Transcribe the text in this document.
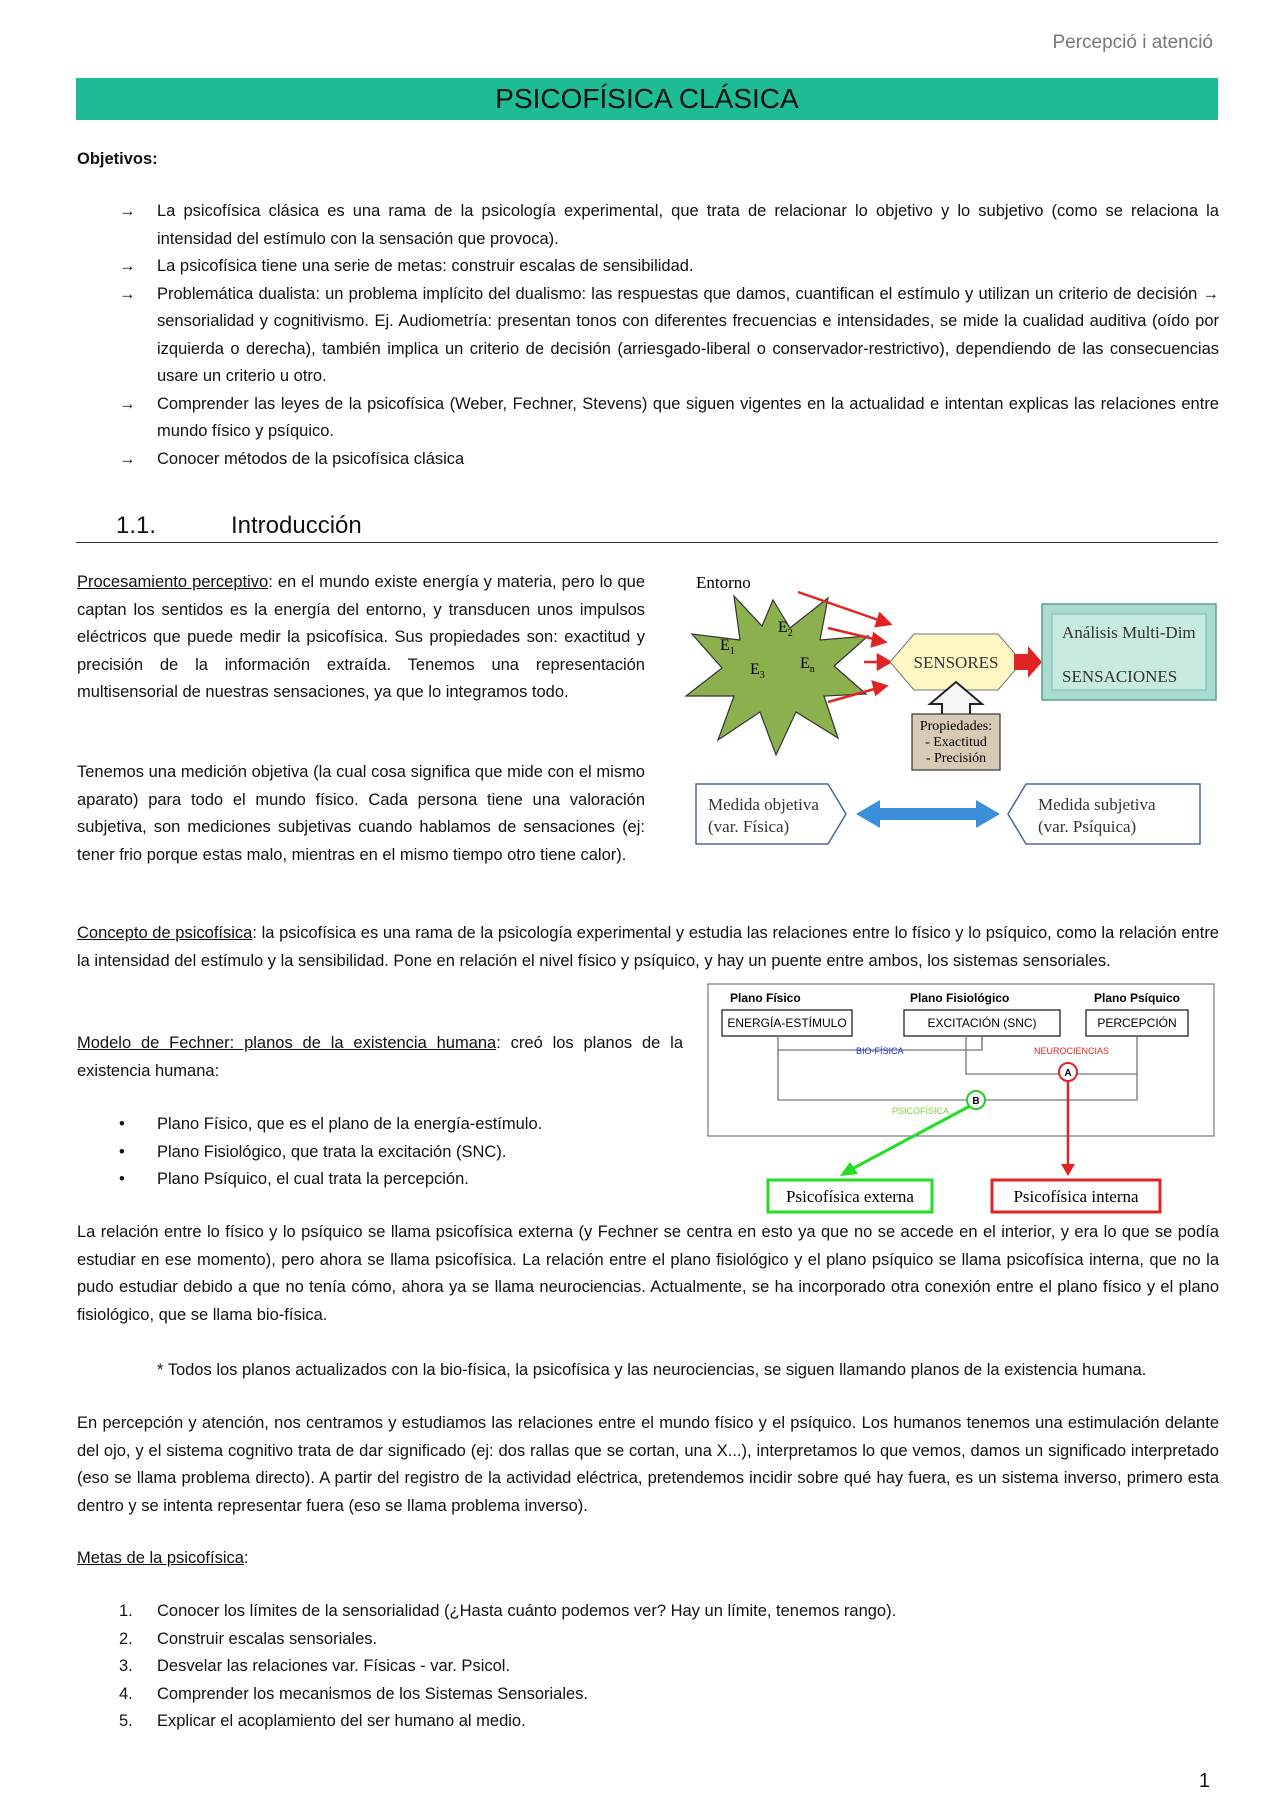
Percepció i atenció
PSICOFÍSICA CLÁSICA
Objetivos:
→ La psicofísica clásica es una rama de la psicología experimental, que trata de relacionar lo objetivo y lo subjetivo (como se relaciona la intensidad del estímulo con la sensación que provoca).
→ La psicofísica tiene una serie de metas: construir escalas de sensibilidad.
→ Problemática dualista: un problema implícito del dualismo: las respuestas que damos, cuantifican el estímulo y utilizan un criterio de decisión → sensorialidad y cognitivismo. Ej. Audiometría: presentan tonos con diferentes frecuencias e intensidades, se mide la cualidad auditiva (oído por izquierda o derecha), también implica un criterio de decisión (arriesgado-liberal o conservador-restrictivo), dependiendo de las consecuencias usare un criterio u otro.
→ Comprender las leyes de la psicofísica (Weber, Fechner, Stevens) que siguen vigentes en la actualidad e intentan explicas las relaciones entre mundo físico y psíquico.
→ Conocer métodos de la psicofísica clásica
1.1.	Introducción
Procesamiento perceptivo: en el mundo existe energía y materia, pero lo que captan los sentidos es la energía del entorno, y transducen unos impulsos eléctricos que puede medir la psicofísica. Sus propiedades son: exactitud y precisión de la información extraída. Tenemos una representación multisensorial de nuestras sensaciones, ya que lo integramos todo.
Tenemos una medición objetiva (la cual cosa significa que mide con el mismo aparato) para todo el mundo físico. Cada persona tiene una valoración subjetiva, son mediciones subjetivas cuando hablamos de sensaciones (ej: tener frio porque estas malo, mientras en el mismo tiempo otro tiene calor).
Entorno
$E_1$
$E_2$
$E_3$
$E_n$	SENSORES
Análisis Multi-Dim
SENSACIONES
Propiedades:
- Exactitud
- Precisión
Medida objetiva
(var. Física)
Medida subjetiva
(var. Psíquica)
Concepto de psicofísica: la psicofísica es una rama de la psicología experimental y estudia las relaciones entre lo físico y lo psíquico, como la relación entre la intensidad del estímulo y la sensibilidad. Pone en relación el nivel físico y psíquico, y hay un puente entre ambos, los sistemas sensoriales.
Modelo de Fechner: planos de la existencia humana: creó los planos de la existencia humana:
• Plano Físico, que es el plano de la energía-estímulo.
• Plano Fisiológico, que trata la excitación (SNC).
• Plano Psíquico, el cual trata la percepción.
Plano Físico	Plano Fisiológico	Plano Psíquico
ENERGÍA-ESTÍMULO	EXCITACIÓN (SNC)	PERCEPCIÓN
BIO-FÍSICA	NEUROCIENCIAS
PSICOFÍSICA
A
B
Psicofísica externa	Psicofísica interna
La relación entre lo físico y lo psíquico se llama psicofísica externa (y Fechner se centra en esto ya que no se accede en el interior, y era lo que se podía estudiar en ese momento), pero ahora se llama psicofísica. La relación entre el plano fisiológico y el plano psíquico se llama psicofísica interna, que no la pudo estudiar debido a que no tenía cómo, ahora ya se llama neurociencias. Actualmente, se ha incorporado otra conexión entre el plano físico y el plano fisiológico, que se llama bio-física.
* Todos los planos actualizados con la bio-física, la psicofísica y las neurociencias, se siguen llamando planos de la existencia humana.
En percepción y atención, nos centramos y estudiamos las relaciones entre el mundo físico y el psíquico. Los humanos tenemos una estimulación delante del ojo, y el sistema cognitivo trata de dar significado (ej: dos rallas que se cortan, una X...), interpretamos lo que vemos, damos un significado interpretado (eso se llama problema directo). A partir del registro de la actividad eléctrica, pretendemos incidir sobre qué hay fuera, es un sistema inverso, primero esta dentro y se intenta representar fuera (eso se llama problema inverso).
Metas de la psicofísica:
1. Conocer los límites de la sensorialidad (¿Hasta cuánto podemos ver? Hay un límite, tenemos rango).
2. Construir escalas sensoriales.
3. Desvelar las relaciones var. Físicas - var. Psicol.
4. Comprender los mecanismos de los Sistemas Sensoriales.
5. Explicar el acoplamiento del ser humano al medio.
1
